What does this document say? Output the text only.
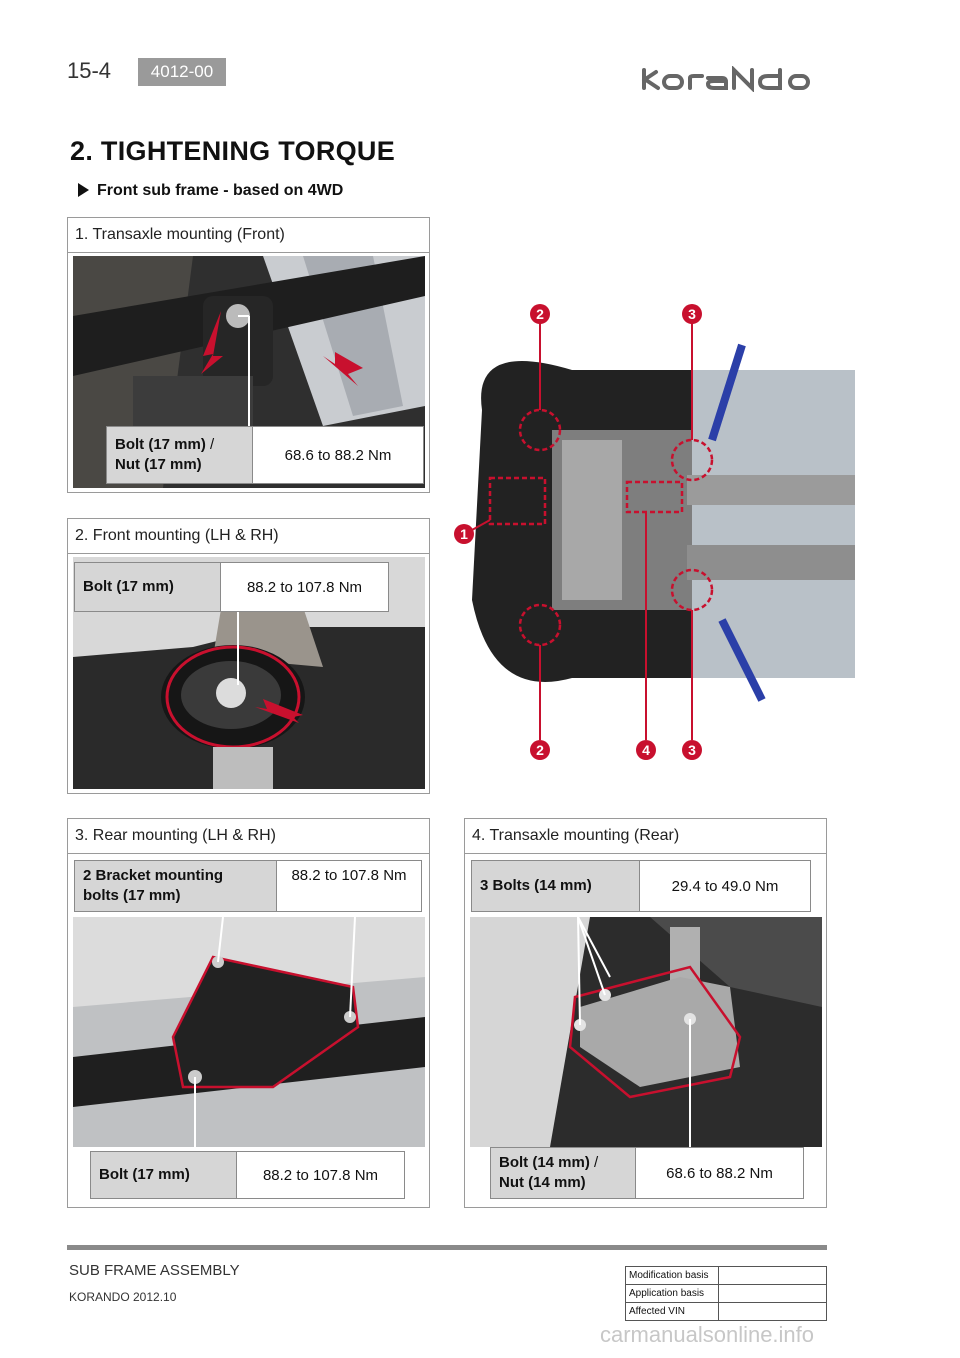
15-4	4012-00
2. TIGHTENING TORQUE
Front sub frame - based on 4WD
1. Transaxle mounting (Front)
Bolt (17 mm) /
Nut (17 mm)
68.6 to 88.2 Nm
2. Front mounting (LH & RH)
Bolt (17 mm)	88.2 to 107.8 Nm
2	3
1
2	4	3
3. Rear mounting (LH & RH)
2 Bracket mounting bolts (17 mm)
88.2 to 107.8 Nm
Bolt (17 mm)	88.2 to 107.8 Nm
4. Transaxle mounting (Rear)
3 Bolts (14 mm)	29.4 to 49.0 Nm
Bolt (14 mm) /
Nut (14 mm)
68.6 to 88.2 Nm
SUB FRAME ASSEMBLY
KORANDO 2012.10
Modification basis	
Application basis	
Affected VIN	
carmanualsonline.info
